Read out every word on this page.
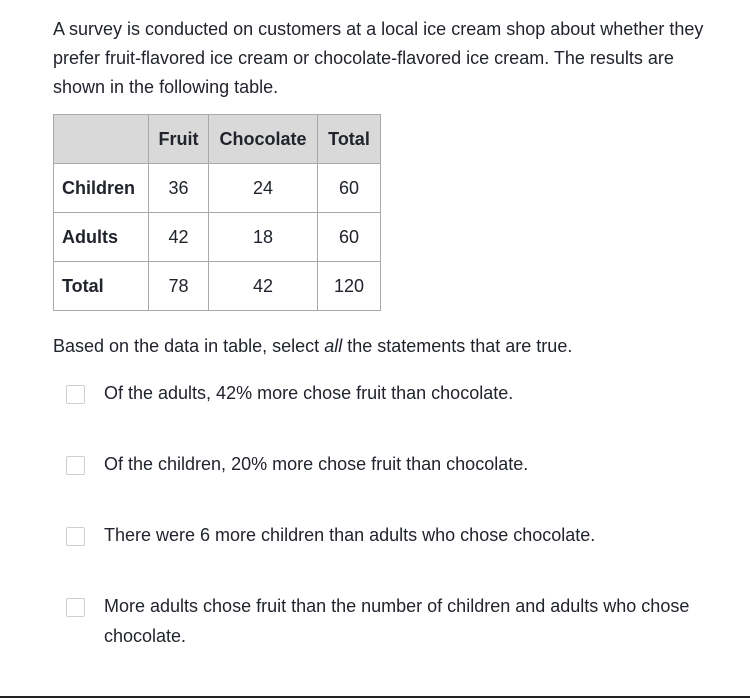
A survey is conducted on customers at a local ice cream shop about whether they prefer fruit-flavored ice cream or chocolate-flavored ice cream. The results are shown in the following table.

	Fruit	Chocolate	Total
Children	36	24	60
Adults	42	18	60
Total	78	42	120

Based on the data in table, select all the statements that are true.

Of the adults, 42% more chose fruit than chocolate.
Of the children, 20% more chose fruit than chocolate.
There were 6 more children than adults who chose chocolate.
More adults chose fruit than the number of children and adults who chose chocolate.
